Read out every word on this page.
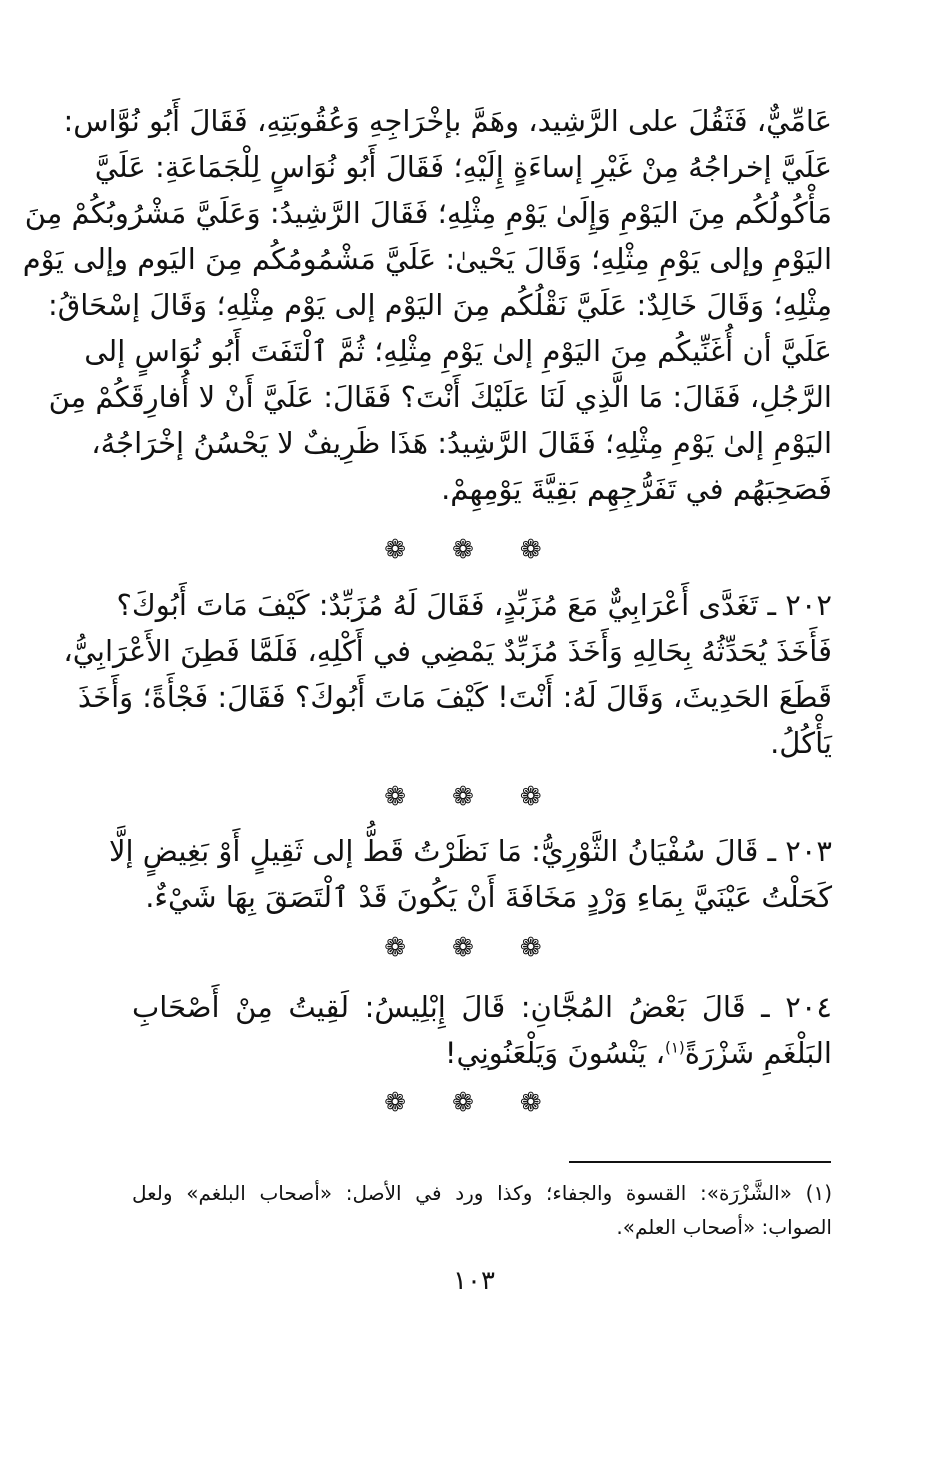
عَامِّيٌّ، فَثَقُلَ على الرَّشِيد، وهَمَّ بإخْرَاجِهِ وَعُقُوبَتِهِ، فَقَالَ أَبُو نُوَّاس:
عَلَيَّ إخراجُهُ مِنْ غَيْرِ إساءَةٍ إِلَيْهِ؛ فَقَالَ أَبُو نُوَاسٍ لِلْجَمَاعَةِ: عَلَيَّ
مَأْكُولُكُم مِنَ اليَوْمِ وَإِلَىٰ يَوْمِ مِثْلِهِ؛ فَقَالَ الرَّشِيدُ: وَعَلَيَّ مَشْرُوبُكُمْ مِنَ
اليَوْمِ وإلى يَوْمِ مِثْلِهِ؛ وَقَالَ يَحْيىٰ: عَلَيَّ مَشْمُومُكُم مِنَ اليَوم وإلى يَوْم
مِثْلِهِ؛ وَقَالَ خَالِدٌ: عَلَيَّ نَقْلُكُم مِنَ اليَوْم إلى يَوْم مِثْلِهِ؛ وَقَالَ إسْحَاقُ:
عَلَيَّ أن أُغَنِّيكُم مِنَ اليَوْمِ إلىٰ يَوْمِ مِثْلِهِ؛ ثُمَّ ٱلْتَفَتَ أَبُو نُوَاسٍ إلى
الرَّجُلِ، فَقَالَ: مَا الَّذِي لَنَا عَلَيْكَ أَنْتَ؟ فَقَالَ: عَلَيَّ أَنْ لا أُفارِقَكُمْ مِنَ
اليَوْمِ إلىٰ يَوْمِ مِثْلِهِ؛ فَقَالَ الرَّشِيدُ: هَذَا ظَرِيفٌ لا يَحْسُنُ إخْرَاجُهُ،
فَصَحِبَهُم في تَفَرُّجِهِم بَقِيَّةَ يَوْمِهِمْ.
❁❁❁
٢٠٢ ـ تَغَدَّى أَعْرَابِيٌّ مَعَ مُزَبِّدٍ، فَقَالَ لَهُ مُزَبِّدٌ: كَيْفَ مَاتَ أَبُوكَ؟
فَأَخَذَ يُحَدِّثُهُ بِحَالِهِ وَأَخَذَ مُزَبِّدٌ يَمْضِي في أَكْلِهِ، فَلَمَّا فَطِنَ الأَعْرَابِيُّ،
قَطَعَ الحَدِيثَ، وَقَالَ لَهُ: أَنْتَ! كَيْفَ مَاتَ أَبُوكَ؟ فَقَالَ: فَجْأَةً؛ وَأَخَذَ
يَأْكُلُ.
❁❁❁
٢٠٣ ـ قَالَ سُفْيَانُ الثَّوْرِيُّ: مَا نَظَرْتُ قَطُّ إلى ثَقِيلٍ أَوْ بَغِيضٍ إلَّا
كَحَلْتُ عَيْنَيَّ بِمَاءِ وَرْدٍ مَخَافَةَ أَنْ يَكُونَ قَدْ ٱلْتَصَقَ بِهَا شَيْءٌ.
❁❁❁
٢٠٤ ـ قَالَ بَعْضُ المُجَّانِ: قَالَ إِبْلِيسُ: لَقِيتُ مِنْ أَصْحَابِ
البَلْغَمِ شَزْرَةً$^{(١)}$، يَنْسُونَ وَيَلْعَنُونِي!
❁❁❁
(١) «الشَّزْرَة»: القسوة والجفاء؛ وكذا ورد في الأصل: «أصحاب البلغم» ولعل
الصواب: «أصحاب العلم».
١٠٣
